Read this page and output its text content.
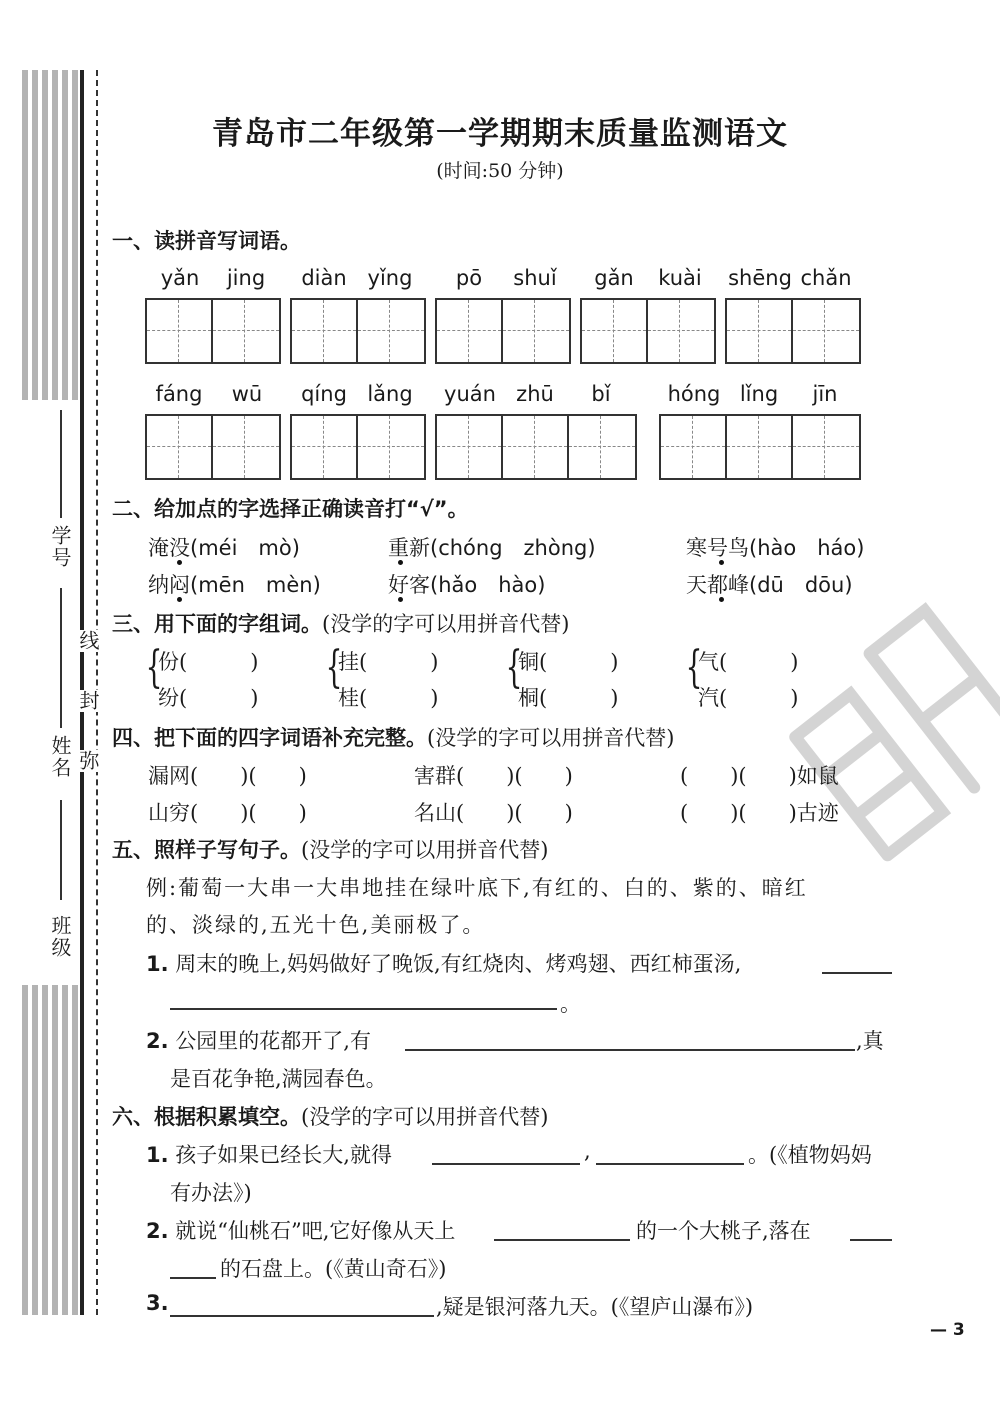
学号
姓名
班级
线
封
弥
青岛市二年级第一学期期末质量监测语文
(时间:50 分钟)
一、读拼音写词语。
yǎn	jing	diàn yǐng	pō	shuǐ	gǎn	kuài	shēng chǎn
fáng	wū	qíng lǎng	yuán zhū	bǐ	hóng lǐng	jīn
二、给加点的字选择正确读音打“√”。
淹没(méi　mò)	重新(chóng　zhòng)	寒号鸟(hào　háo)
纳闷(mēn　mèn)	好客(hǎo　hào)	天都峰(dū　dōu)
三、用下面的字组词。(没学的字可以用拼音代替)
{
份(　　　)
纷(　　　)
{
挂(　　　)
桂(　　　)
{
铜(　　　)
桐(　　　)
{
气(　　　)
汽(　　　)
四、把下面的四字词语补充完整。(没学的字可以用拼音代替)
漏网(　　)(　　)	害群(　　)(　　)	(　　)(　　)如鼠
山穷(　　)(　　)	名山(　　)(　　)	(　　)(　　)古迹
五、照样子写句子。(没学的字可以用拼音代替)
例:葡萄一大串一大串地挂在绿叶底下,有红的、白的、紫的、暗红
的、淡绿的,五光十色,美丽极了。
1. 周末的晚上,妈妈做好了晚饭,有红烧肉、烤鸡翅、西红柿蛋汤,
。
2. 公园里的花都开了,有	,真
是百花争艳,满园春色。
六、根据积累填空。(没学的字可以用拼音代替)
1. 孩子如果已经长大,就得	,	。(《植物妈妈
有办法》)
2. 就说“仙桃石”吧,它好像从天上	的一个大桃子,落在
的石盘上。(《黄山奇石》)
3.	,疑是银河落九天。(《望庐山瀑布》)
— 3
